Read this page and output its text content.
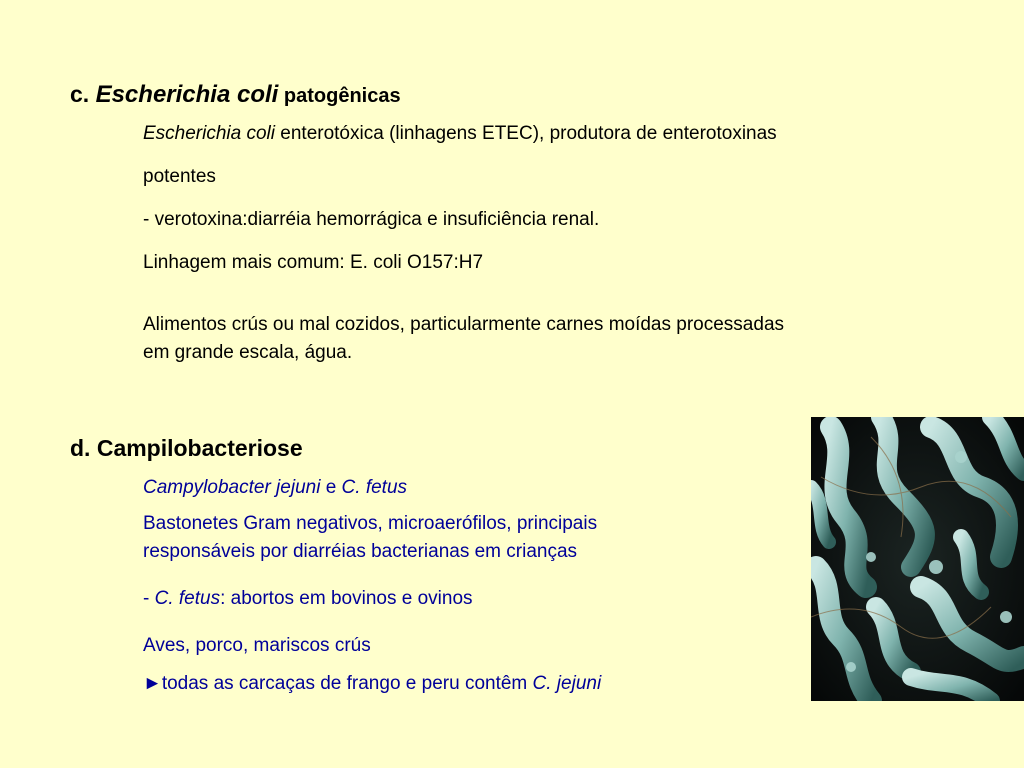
c. Escherichia coli patogênicas
Escherichia coli enterotóxica (linhagens ETEC), produtora de enterotoxinas
potentes
- verotoxina:diarréia hemorrágica e insuficiência renal.
Linhagem mais comum: E. coli O157:H7
Alimentos crús ou mal cozidos, particularmente carnes moídas processadas
em grande escala, água.
d. Campilobacteriose
Campylobacter jejuni e C. fetus
Bastonetes Gram negativos, microaerófilos, principais
responsáveis por diarréias bacterianas em crianças
- C. fetus: abortos em bovinos e ovinos
Aves, porco, mariscos crús
►todas as carcaças de frango e peru contêm C. jejuni
